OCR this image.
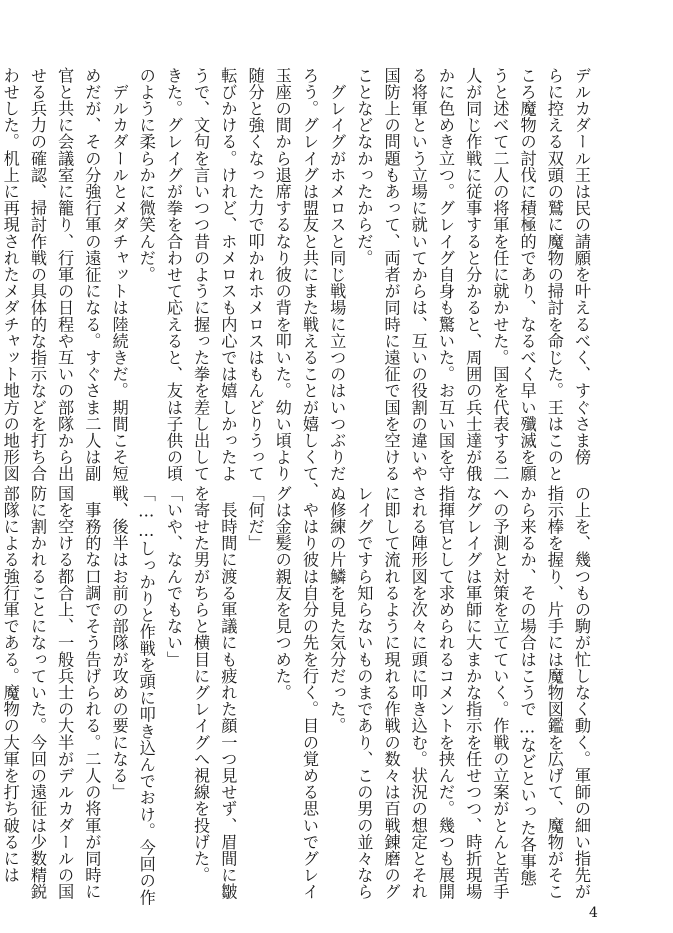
デルカダール王は民の請願を叶えるべく、すぐさま傍
らに控える双頭の鷲に魔物の掃討を命じた。王はこのと
ころ魔物の討伐に積極的であり、なるべく早い殲滅を願
うと述べて二人の将軍を任に就かせた。国を代表する二
人が同じ作戦に従事すると分かると、周囲の兵士達が俄
かに色めき立つ。グレイグ自身も驚いた。お互い国を守
る将軍という立場に就いてからは、互いの役割の違いや
国防上の問題もあって、両者が同時に遠征で国を空ける
ことなどなかったからだ。
　グレイグがホメロスと同じ戦場に立つのはいつぶりだ
ろう。グレイグは盟友と共にまた戦えることが嬉しくて、
玉座の間から退席するなり彼の背を叩いた。幼い頃より
随分と強くなった力で叩かれホメロスはもんどりうって
転びかける。けれど、ホメロスも内心では嬉しかったよ
うで、文句を言いつつ昔のように握った拳を差し出して
きた。グレイグが拳を合わせて応えると、友は子供の頃
のように柔らかに微笑んだ。
　デルカダールとメダチャットは陸続きだ。期間こそ短
めだが、その分強行軍の遠征になる。すぐさま二人は副
官と共に会議室に籠り、行軍の日程や互いの部隊から出
せる兵力の確認、掃討作戦の具体的な指示などを打ち合
わせした。机上に再現されたメダチャット地方の地形図
の上を、幾つもの駒が忙しなく動く。軍師の細い指先が
指示棒を握り、片手には魔物図鑑を広げて、魔物がそこ
から来るか、その場合はこうで…などといった各事態
への予測と対策を立てていく。作戦の立案がとんと苦手
なグレイグは軍師に大まかな指示を任せつつ、時折現場
指揮官として求められるコメントを挟んだ。幾つも展開
される陣形図を次々に頭に叩き込む。状況の想定とそれ
に即して流れるように現れる作戦の数々は百戦錬磨のグ
レイグですら知らないものまであり、この男の並々なら
ぬ修練の片鱗を見た気分だった。
　やはり彼は自分の先を行く。目の覚める思いでグレイ
グは金髪の親友を見つめた。
「何だ」
　長時間に渡る軍議にも疲れた顔一つ見せず、眉間に皺
を寄せた男がちらと横目にグレイグへ視線を投げた。
「いや、なんでもない」
「……しっかりと作戦を頭に叩き込んでおけ。今回の作
戦、後半はお前の部隊が攻めの要になる」
　事務的な口調でそう告げられる。二人の将軍が同時に
国を空ける都合上、一般兵士の大半がデルカダールの国
防に割かれることになっていた。今回の遠征は少数精鋭
部隊による強行軍である。魔物の大軍を打ち破るには
4
